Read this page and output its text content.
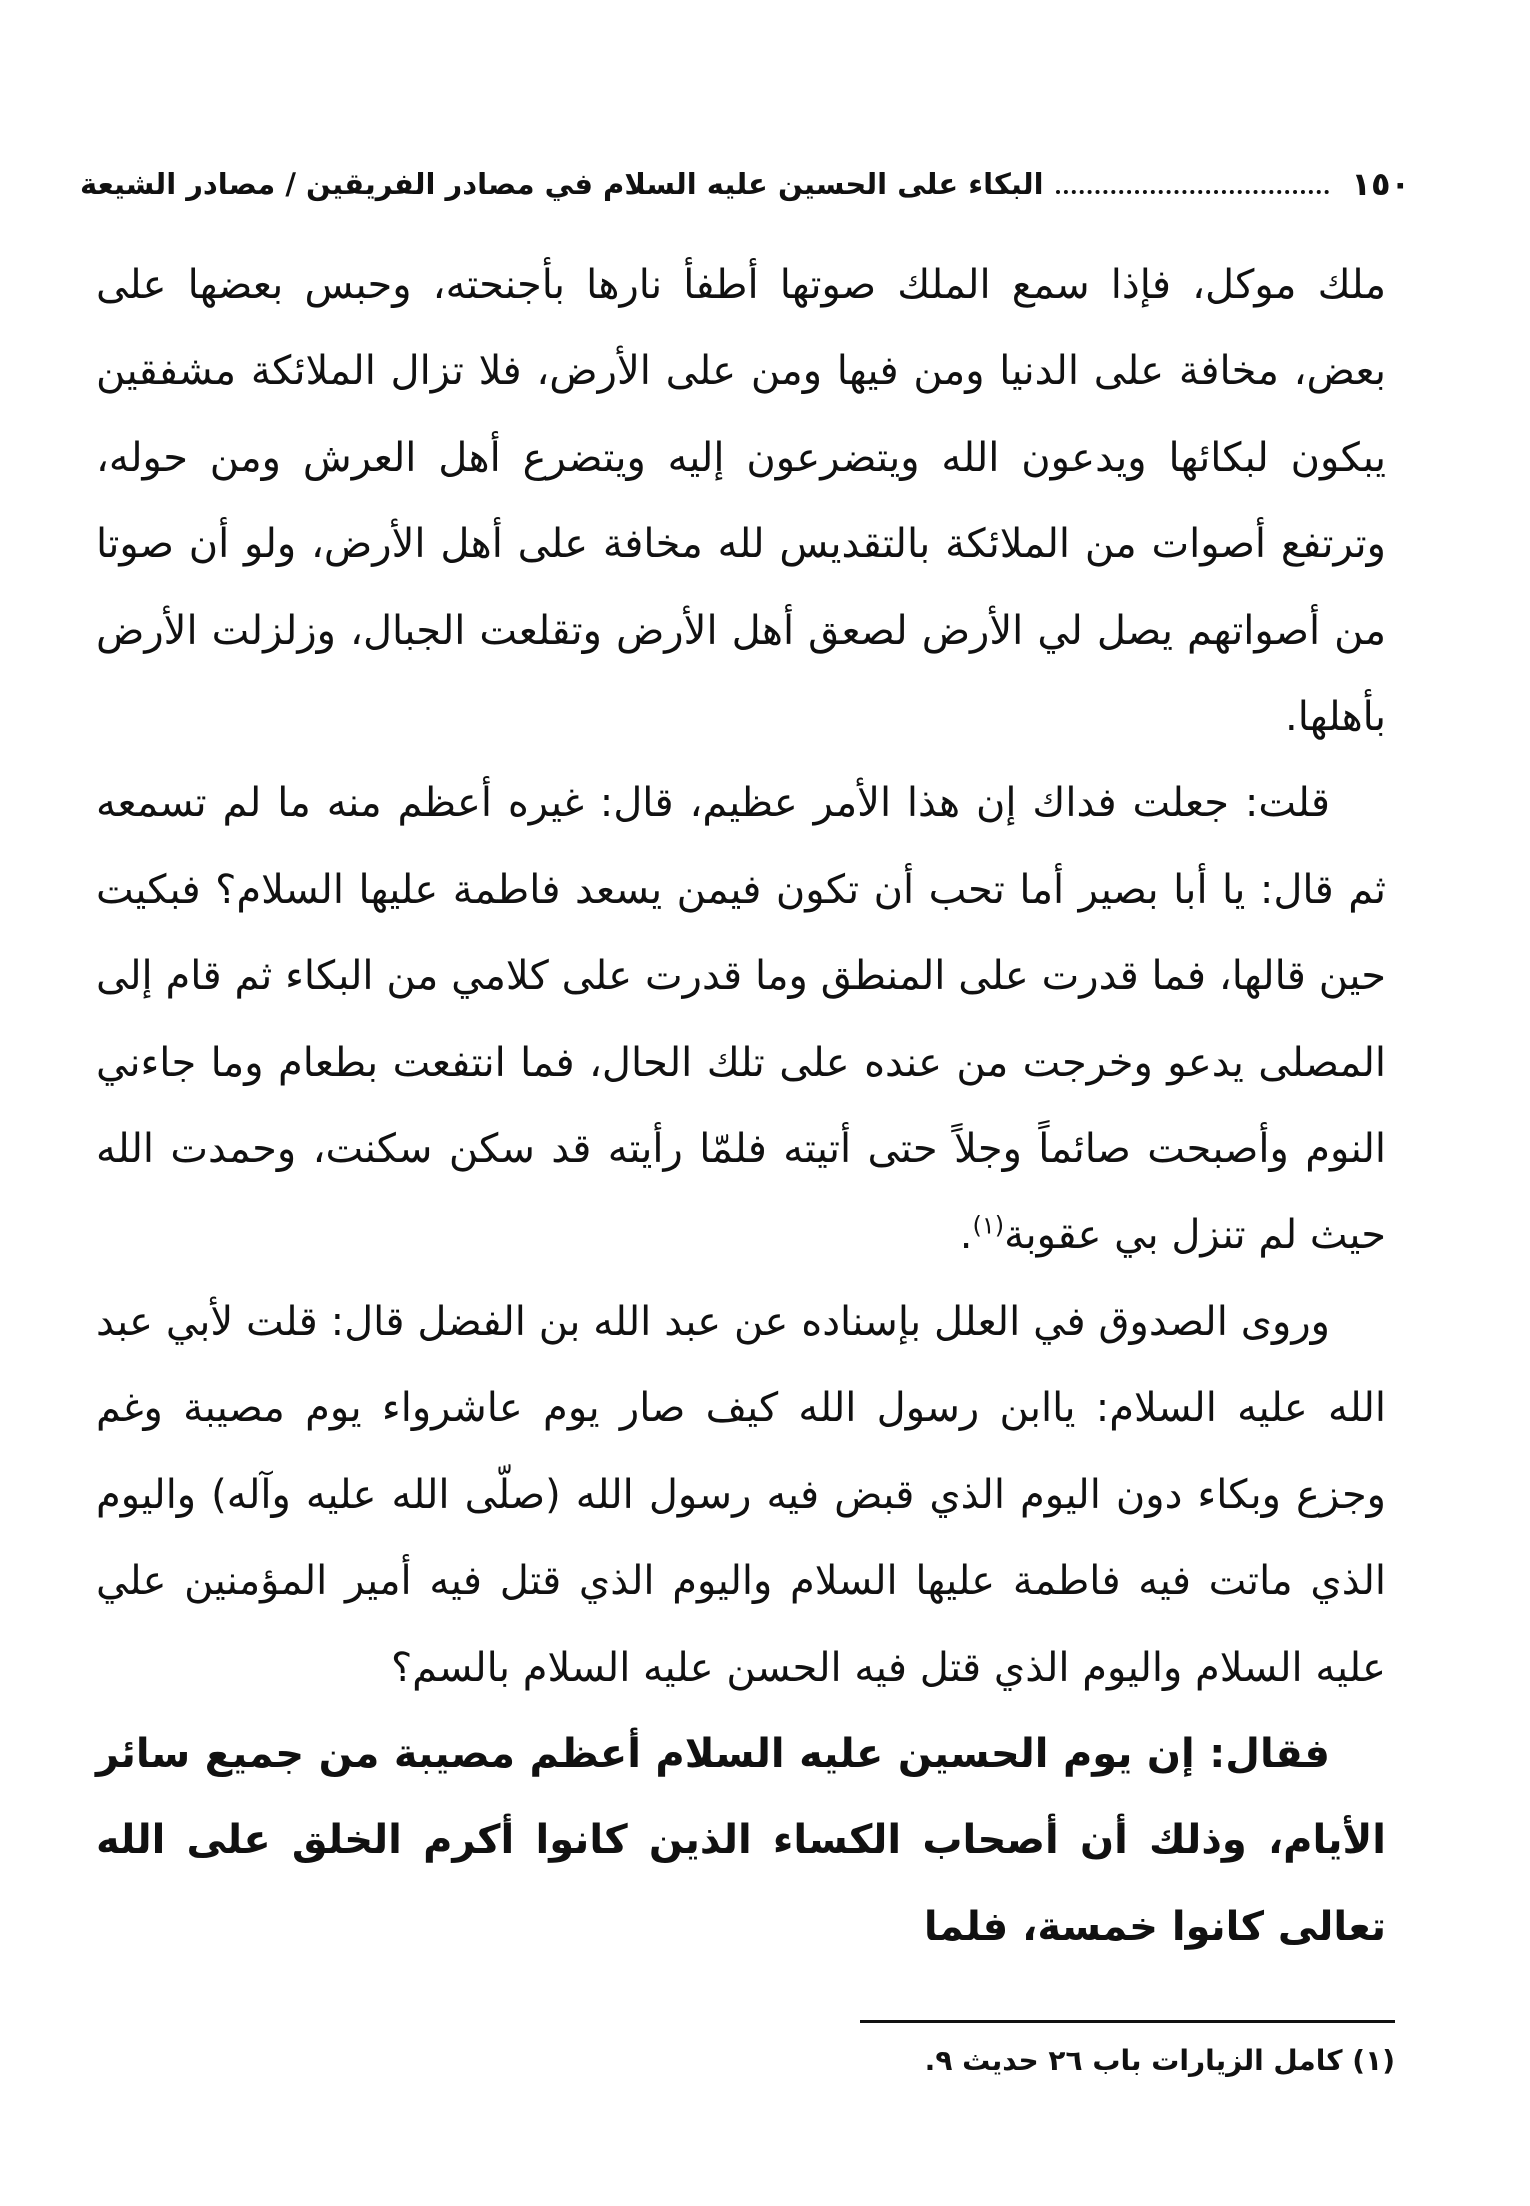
١٥٠
البكاء على الحسين عليه السلام في مصادر الفريقين / مصادر الشيعة

ملك موكل، فإذا سمع الملك صوتها أطفأ نارها بأجنحته، وحبس بعضها على بعض، مخافة على الدنيا ومن فيها ومن على الأرض، فلا تزال الملائكة مشفقين يبكون لبكائها ويدعون الله ويتضرعون إليه ويتضرع أهل العرش ومن حوله، وترتفع أصوات من الملائكة بالتقديس لله مخافة على أهل الأرض، ولو أن صوتا من أصواتهم يصل لي الأرض لصعق أهل الأرض وتقلعت الجبال، وزلزلت الأرض بأهلها.

قلت: جعلت فداك إن هذا الأمر عظيم، قال: غيره أعظم منه ما لم تسمعه ثم قال: يا أبا بصير أما تحب أن تكون فيمن يسعد فاطمة عليها السلام؟ فبكيت حين قالها، فما قدرت على المنطق وما قدرت على كلامي من البكاء ثم قام إلى المصلى يدعو وخرجت من عنده على تلك الحال، فما انتفعت بطعام وما جاءني النوم وأصبحت صائماً وجلاً حتى أتيته فلمّا رأيته قد سكن سكنت، وحمدت الله حيث لم تنزل بي عقوبة$^{(١)}$.

وروى الصدوق في العلل بإسناده عن عبد الله بن الفضل قال: قلت لأبي عبد الله عليه السلام: ياابن رسول الله كيف صار يوم عاشرواء يوم مصيبة وغم وجزع وبكاء دون اليوم الذي قبض فيه رسول الله (صلّى الله عليه وآله) واليوم الذي ماتت فيه فاطمة عليها السلام واليوم الذي قتل فيه أمير المؤمنين علي عليه السلام واليوم الذي قتل فيه الحسن عليه السلام بالسم؟

فقال: إن يوم الحسين عليه السلام أعظم مصيبة من جميع سائر الأيام، وذلك أن أصحاب الكساء الذين كانوا أكرم الخلق على الله تعالى كانوا خمسة، فلما

(١) كامل الزيارات باب ٢٦ حديث ٩.
